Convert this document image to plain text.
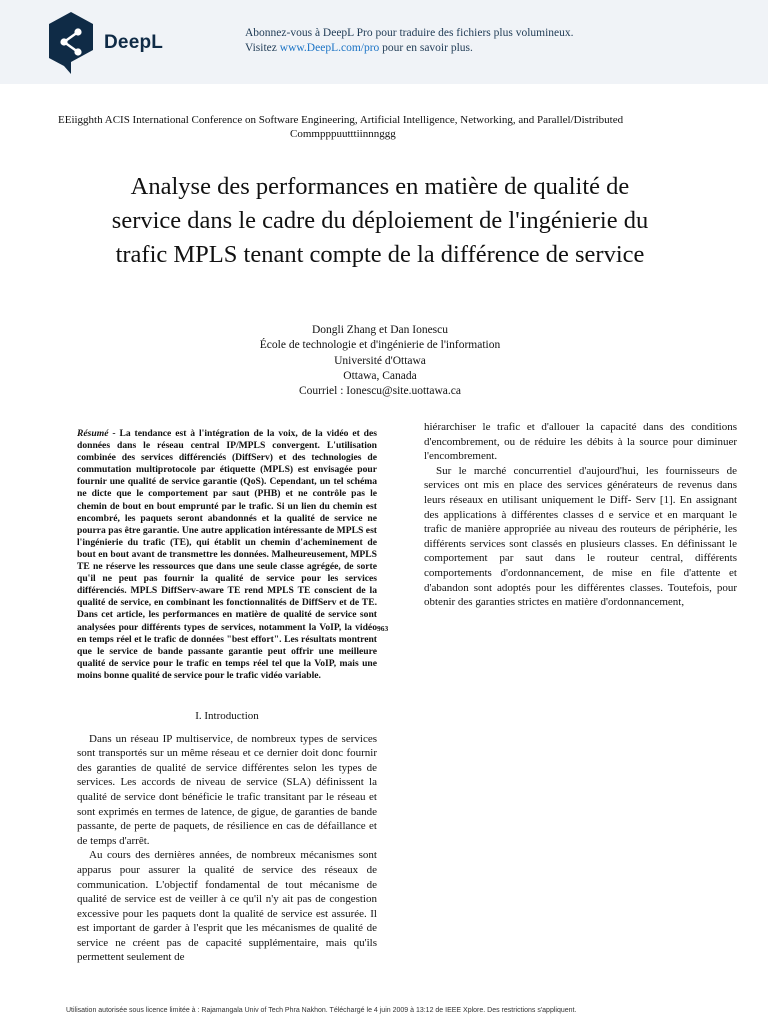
DeepL	Abonnez-vous à DeepL Pro pour traduire des fichiers plus volumineux.
Visitez www.DeepL.com/pro pour en savoir plus.
EEiigghth ACIS International Conference on Software Engineering, Artificial Intelligence, Networking, and Parallel/Distributed
Commpppuutttiinnnggg
Analyse des performances en matière de qualité de service dans le cadre du déploiement de l'ingénierie du trafic MPLS tenant compte de la différence de service
Dongli Zhang et Dan Ionescu
École de technologie et d'ingénierie de l'information
Université d'Ottawa
Ottawa, Canada
Courriel : Ionescu@site.uottawa.ca

Résumé - La tendance est à l'intégration de la voix, de la vidéo et des données dans le réseau central IP/MPLS convergent. L'utilisation combinée des services différenciés (DiffServ) et des technologies de commutation multiprotocole par étiquette (MPLS) est envisagée pour fournir une qualité de service garantie (QoS). Cependant, un tel schéma ne dicte que le comportement par saut (PHB) et ne contrôle pas le chemin de bout en bout emprunté par le trafic. Si un lien du chemin est encombré, les paquets seront abandonnés et la qualité de service ne pourra pas être garantie. Une autre application intéressante de MPLS est l'ingénierie du trafic (TE), qui établit un chemin d'acheminement de bout en bout avant de transmettre les données. Malheureusement, MPLS TE ne réserve les ressources que dans une seule classe agrégée, de sorte qu'il ne peut pas fournir la qualité de service pour les services différenciés. MPLS DiffServ-aware TE rend MPLS TE conscient de la qualité de service, en combinant les fonctionnalités de DiffServ et de TE. Dans cet article, les performances en matière de qualité de service sont analysées pour différents types de services, notamment la VoIP, la vidéo en temps réel et le trafic de données "best effort". Les résultats montrent que le service de bande passante garantie peut offrir une meilleure qualité de service pour le trafic en temps réel tel que la VoIP, mais une moins bonne qualité de service pour le trafic vidéo variable.

I. Introduction

Dans un réseau IP multiservice, de nombreux types de services sont transportés sur un même réseau et ce dernier doit donc fournir des garanties de qualité de service différentes selon les types de services. Les accords de niveau de service (SLA) définissent la qualité de service dont bénéficie le trafic transitant par le réseau et sont exprimés en termes de latence, de gigue, de garanties de bande passante, de perte de paquets, de résilience en cas de défaillance et de temps d'arrêt.

Au cours des dernières années, de nombreux mécanismes sont apparus pour assurer la qualité de service des réseaux de communication. L'objectif fondamental de tout mécanisme de qualité de service est de veiller à ce qu'il n'y ait pas de congestion excessive pour les paquets dont la qualité de service est assurée. Il est important de garder à l'esprit que les mécanismes de qualité de service ne créent pas de capacité supplémentaire, mais qu'ils permettent seulement de

963

hiérarchiser le trafic et d'allouer la capacité dans des conditions d'encombrement, ou de réduire les débits à la source pour diminuer l'encombrement.

Sur le marché concurrentiel d'aujourd'hui, les fournisseurs de services ont mis en place des services générateurs de revenus dans leurs réseaux en utilisant uniquement le Diff- Serv [1]. En assignant des applications à différentes classes d e service et en marquant le trafic de manière appropriée au niveau des routeurs de périphérie, les différents services sont classés en plusieurs classes. En définissant le comportement par saut dans le routeur central, différents comportements d'ordonnancement, de mise en file d'attente et d'abandon sont adoptés pour les différentes classes. Toutefois, pour obtenir des garanties strictes en matière d'ordonnancement,

Utilisation autorisée sous licence limitée à : Rajamangala Univ of Tech Phra Nakhon. Téléchargé le 4 juin 2009 à 13:12 de IEEE Xplore. Des restrictions s'appliquent.
